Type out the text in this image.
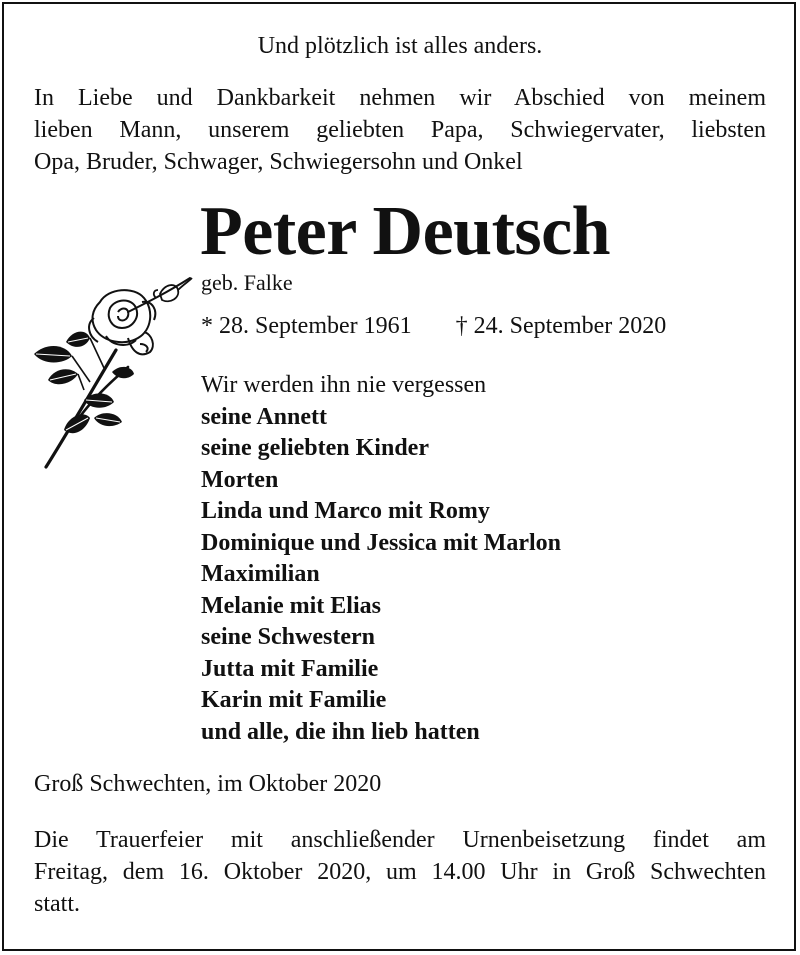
Und plötzlich ist alles anders.

In Liebe und Dankbarkeit nehmen wir Abschied von meinem
lieben Mann, unserem geliebten Papa, Schwiegervater, liebsten
Opa, Bruder, Schwager, Schwiegersohn und Onkel

Peter Deutsch

geb. Falke

* 28. September 1961 † 24. September 2020
Wir werden ihn nie vergessen
seine Annett
seine geliebten Kinder
Morten
Linda und Marco mit Romy
Dominique und Jessica mit Marlon
Maximilian
Melanie mit Elias
seine Schwestern
Jutta mit Familie
Karin mit Familie
und alle, die ihn lieb hatten
Groß Schwechten, im Oktober 2020

Die Trauerfeier mit anschließender Urnenbeisetzung findet am
Freitag, dem 16. Oktober 2020, um 14.00 Uhr in Groß Schwechten
statt.
